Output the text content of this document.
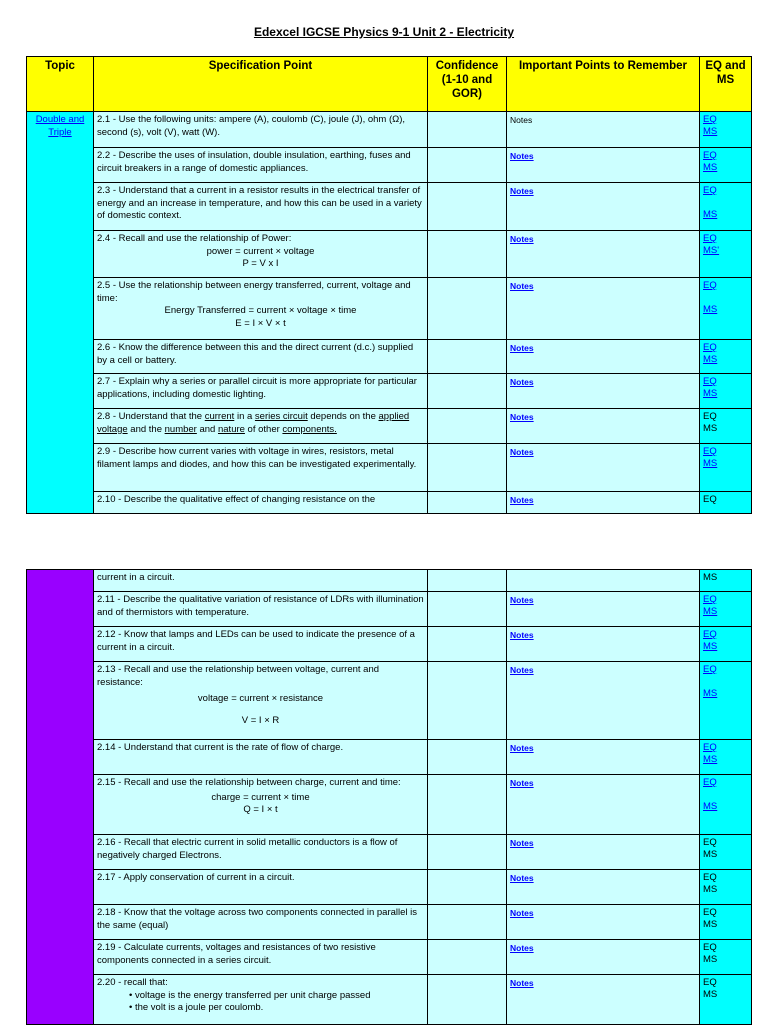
Edexcel IGCSE Physics 9-1 Unit 2 - Electricity
Topic	Specification Point	Confidence (1-10 and GOR)	Important Points to Remember	EQ and MS
Double and Triple	2.1 - Use the following units: ampere (A), coulomb (C), joule (J), ohm (Ω), second (s), volt (V), watt (W).		Notes	EQ
MS

	2.2 - Describe the uses of insulation, double insulation, earthing, fuses and circuit breakers in a range of domestic appliances.		Notes	EQ
MS

	2.3 - Understand that a current in a resistor results in the electrical transfer of energy and an increase in temperature, and how this can be used in a variety of domestic context.		Notes	EQ
MS

	2.4 - Recall and use the relationship of Power:
power = current × voltage
P = V x I		Notes	EQ
MS'

	2.5 - Use the relationship between energy transferred, current, voltage and time:
Energy Transferred = current × voltage × time
E = I × V × t		Notes	EQ
MS

	2.6 - Know the difference between this and the direct current (d.c.) supplied by a cell or battery.		Notes	EQ
MS

	2.7 - Explain why a series or parallel circuit is more appropriate for particular applications, including domestic lighting.		Notes	EQ
MS

	2.8 - Understand that the current in a series circuit depends on the applied voltage and the number and nature of other components.		Notes	EQ
MS

	2.9 - Describe how current varies with voltage in wires, resistors, metal filament lamps and diodes, and how this can be investigated experimentally.		Notes	EQ
MS

	2.10 - Describe the qualitative effect of changing resistance on the		Notes	EQ
	current in a circuit.			MS

	2.11 - Describe the qualitative variation of resistance of LDRs with illumination and of thermistors with temperature.		Notes	EQ
MS

	2.12 - Know that lamps and LEDs can be used to indicate the presence of a current in a circuit.		Notes	EQ
MS

	2.13 - Recall and use the relationship between voltage, current and resistance:
voltage = current × resistance
V = I × R		Notes	EQ
MS

	2.14 - Understand that current is the rate of flow of charge.		Notes	EQ
MS

	2.15 - Recall and use the relationship between charge, current and time:
charge = current × time
Q = I × t		Notes	EQ
MS

	2.16 - Recall that electric current in solid metallic conductors is a flow of negatively charged Electrons.		Notes	EQ
MS

	2.17 - Apply conservation of current in a circuit.		Notes	EQ
MS

	2.18 - Know that the voltage across two components connected in parallel is the same (equal)		Notes	EQ
MS

	2.19 - Calculate currents, voltages and resistances of two resistive components connected in a series circuit.		Notes	EQ
MS

	2.20 - recall that:
• voltage is the energy transferred per unit charge passed
• the volt is a joule per coulomb.		Notes	EQ
MS
